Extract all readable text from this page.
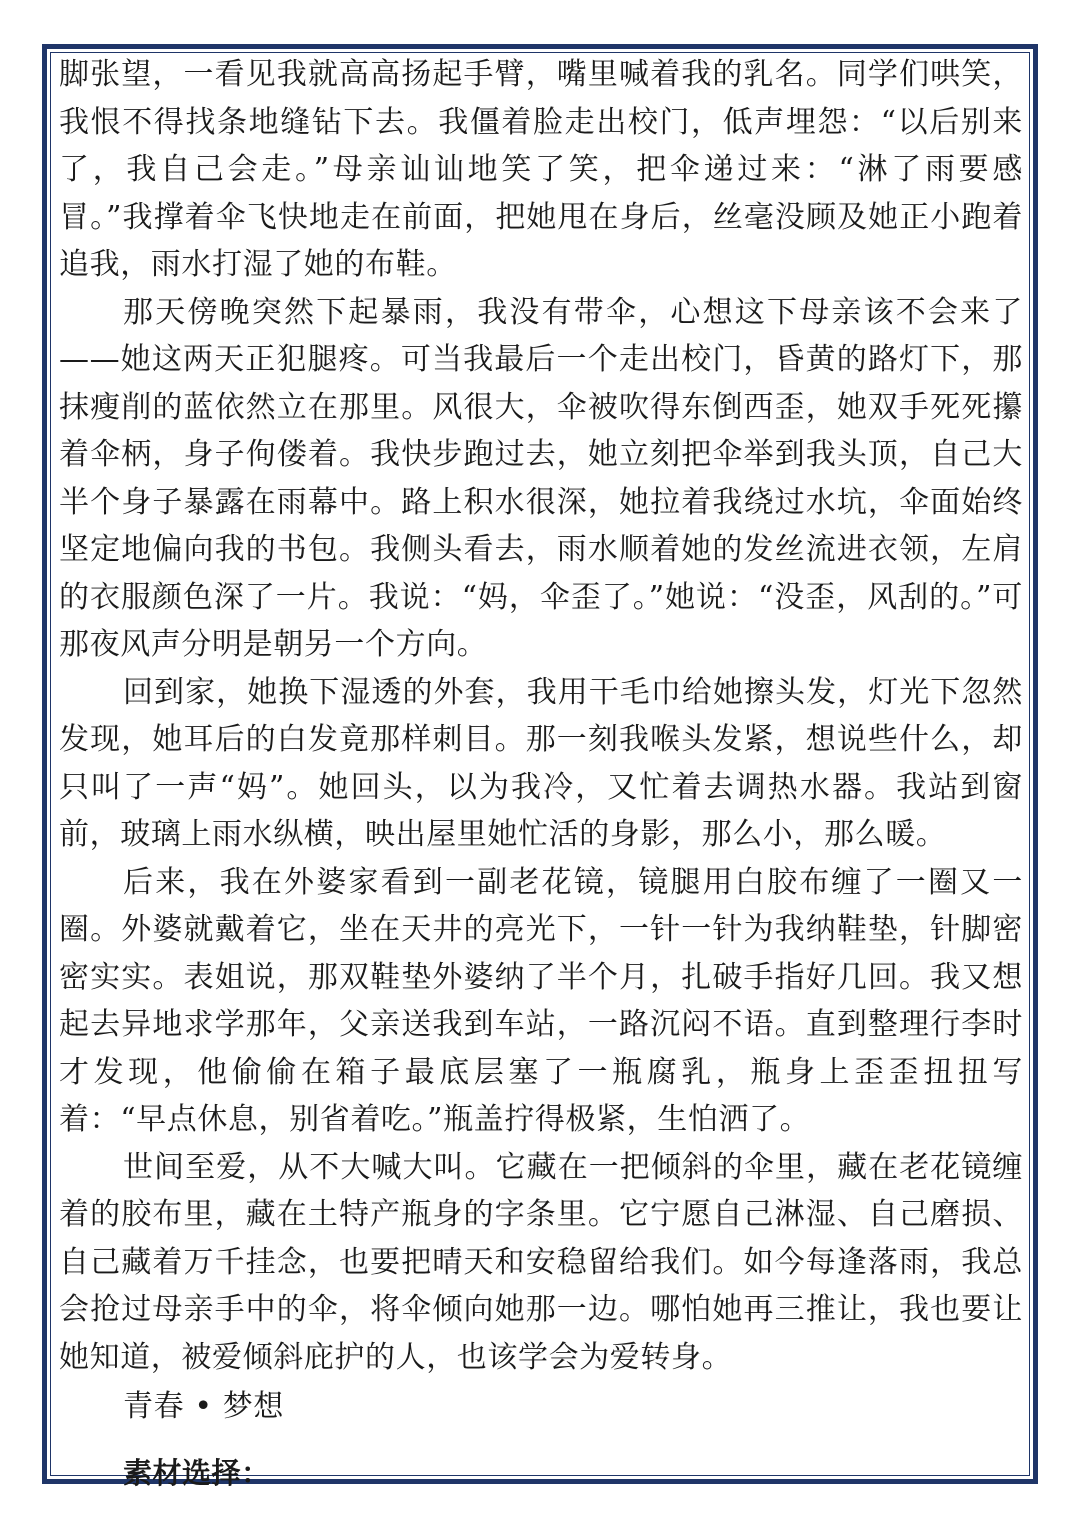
脚张望，一看见我就高高扬起手臂，嘴里喊着我的乳名。同学们哄笑，我恨不得找条地缝钻下去。我僵着脸走出校门，低声埋怨：“以后别来了，我自己会走。”母亲讪讪地笑了笑，把伞递过来：“淋了雨要感冒。”我撑着伞飞快地走在前面，把她甩在身后，丝毫没顾及她正小跑着追我，雨水打湿了她的布鞋。

那天傍晚突然下起暴雨，我没有带伞，心想这下母亲该不会来了——她这两天正犯腿疼。可当我最后一个走出校门，昏黄的路灯下，那抹瘦削的蓝依然立在那里。风很大，伞被吹得东倒西歪，她双手死死攥着伞柄，身子佝偻着。我快步跑过去，她立刻把伞举到我头顶，自己大半个身子暴露在雨幕中。路上积水很深，她拉着我绕过水坑，伞面始终坚定地偏向我的书包。我侧头看去，雨水顺着她的发丝流进衣领，左肩的衣服颜色深了一片。我说：“妈，伞歪了。”她说：“没歪，风刮的。”可那夜风声分明是朝另一个方向。

回到家，她换下湿透的外套，我用干毛巾给她擦头发，灯光下忽然发现，她耳后的白发竟那样刺目。那一刻我喉头发紧，想说些什么，却只叫了一声“妈”。她回头，以为我冷，又忙着去调热水器。我站到窗前，玻璃上雨水纵横，映出屋里她忙活的身影，那么小，那么暖。

后来，我在外婆家看到一副老花镜，镜腿用白胶布缠了一圈又一圈。外婆就戴着它，坐在天井的亮光下，一针一针为我纳鞋垫，针脚密密实实。表姐说，那双鞋垫外婆纳了半个月，扎破手指好几回。我又想起去异地求学那年，父亲送我到车站，一路沉闷不语。直到整理行李时才发现，他偷偷在箱子最底层塞了一瓶腐乳，瓶身上歪歪扭扭写着：“早点休息，别省着吃。”瓶盖拧得极紧，生怕洒了。

世间至爱，从不大喊大叫。它藏在一把倾斜的伞里，藏在老花镜缠着的胶布里，藏在土特产瓶身的字条里。它宁愿自己淋湿、自己磨损、自己藏着万千挂念，也要把晴天和安稳留给我们。如今每逢落雨，我总会抢过母亲手中的伞，将伞倾向她那一边。哪怕她再三推让，我也要让她知道，被爱倾斜庇护的人，也该学会为爱转身。

青春 • 梦想

素材选择：
